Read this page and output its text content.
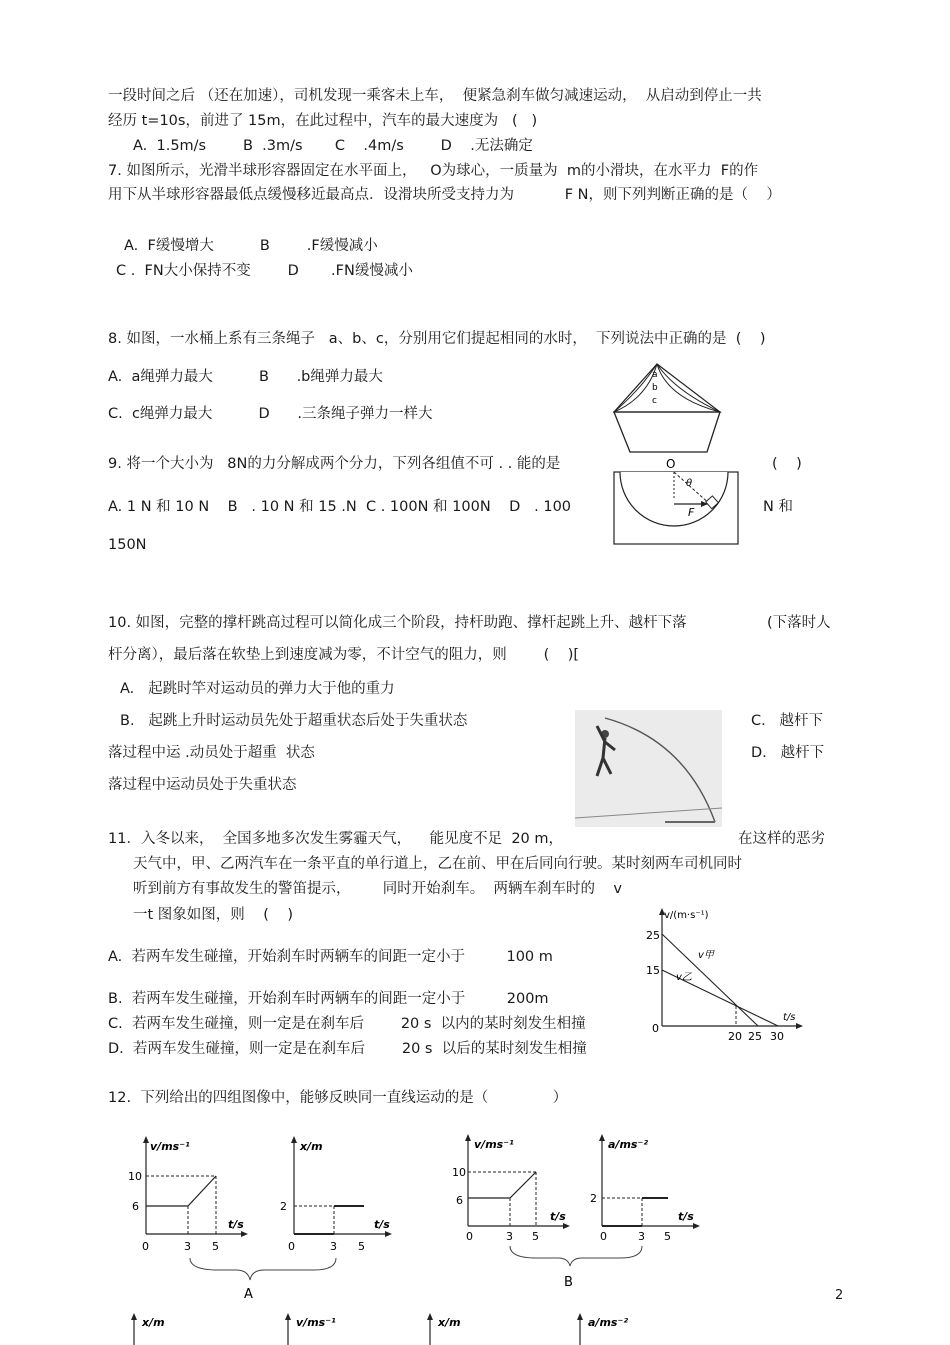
一段时间之后 （还在加速），司机发现一乘客未上车，  便紧急刹车做匀减速运动，  从启动到停止一共
经历 t=10s，前进了 15m，在此过程中，汽车的最大速度为   (   )
A.  1.5m/s        B  .3m/s       C    .4m/s        D    .无法确定
7. 如图所示，光滑半球形容器固定在水平面上，   O为球心，一质量为  m的小滑块，在水平力  F的作
用下从半球形容器最低点缓慢移近最高点．设滑块所受支持力为           F N，则下列判断正确的是（    ）
A.  F缓慢增大          B        .F缓慢减小
C .  FN大小保持不变        D       .FN缓慢减小
8. 如图，一水桶上系有三条绳子   a、b、c，分别用它们提起相同的水时，  下列说法中正确的是  (    )
A.  a绳弹力最大          B      .b绳弹力最大
C.  c绳弹力最大          D      .三条绳子弹力一样大
9. 将一个大小为   8N的力分解成两个分力，下列各组值不可 . . 能的是	(    )
A. 1 N 和 10 N    B   . 10 N 和 15 .N  C . 100N 和 100N    D   . 100	N 和
150N
10. 如图，完整的撑杆跳高过程可以简化成三个阶段，持杆助跑、撑杆起跳上升、越杆下落	(下落时人
杆分离），最后落在软垫上到速度减为零，不计空气的阻力，则        (    )[
A.   起跳时竿对运动员的弹力大于他的重力
B.   起跳上升时运动员先处于超重状态后处于失重状态	C.   越杆下
落过程中运 .动员处于超重  状态	D.   越杆下
落过程中运动员处于失重状态
11．入冬以来，  全国多地多次发生雾霾天气，    能见度不足  20 m，	在这样的恶劣
天气中，甲、乙两汽车在一条平直的单行道上，乙在前、甲在后同向行驶。某时刻两车司机同时
听到前方有事故发生的警笛提示，       同时开始刹车。  两辆车刹车时的    v
一t 图象如图，则    (    )
A.  若两车发生碰撞，开始刹车时两辆车的间距一定小于         100 m
B.  若两车发生碰撞，开始刹车时两辆车的间距一定小于         200m
C.  若两车发生碰撞，则一定是在刹车后        20 s  以内的某时刻发生相撞
D.  若两车发生碰撞，则一定是在刹车后        20 s  以后的某时刻发生相撞
12.  下列给出的四组图像中，能够反映同一直线运动的是（              ）
2
a
b
c
O
θ
F
v/(m·s⁻¹)
t/s
25
15
0
20 25 30
v甲
v乙
v/ms⁻¹
t/s
10
6
0	3 5
x/m
t/s
2
0	3 5
A
v/ms⁻¹
t/s
10
6
0	3 5
a/ms⁻²
t/s
2
0	3 5
B
x/m	v/ms⁻¹	x/m	a/ms⁻²
